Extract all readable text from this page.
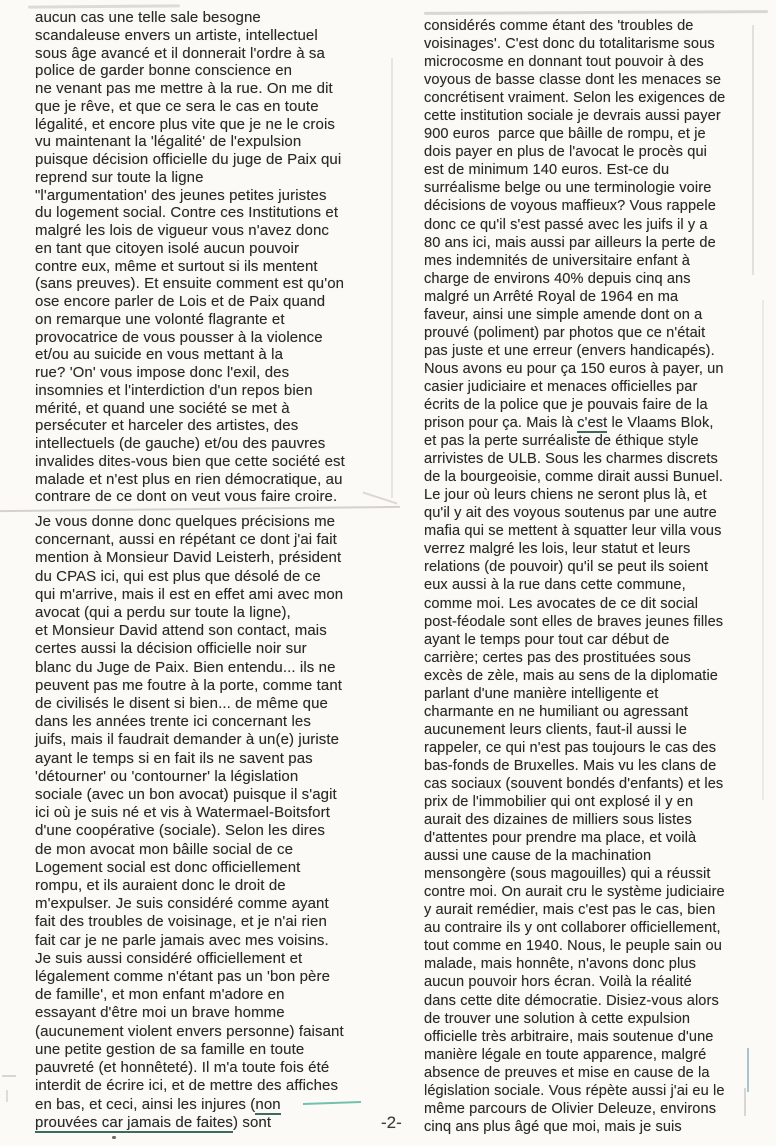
aucun cas une telle sale besogne
scandaleuse envers un artiste, intellectuel
sous âge avancé et il donnerait l'ordre à sa
police de garder bonne conscience en
ne venant pas me mettre à la rue. On me dit
que je rêve, et que ce sera le cas en toute
légalité, et encore plus vite que je ne le crois
vu maintenant la 'légalité' de l'expulsion
puisque décision officielle du juge de Paix qui
reprend sur toute la ligne
"l'argumentation' des jeunes petites juristes
du logement social. Contre ces Institutions et
malgré les lois de vigueur vous n'avez donc
en tant que citoyen isolé aucun pouvoir
contre eux, même et surtout si ils mentent
(sans preuves). Et ensuite comment est qu'on
ose encore parler de Lois et de Paix quand
on remarque une volonté flagrante et
provocatrice de vous pousser à la violence
et/ou au suicide en vous mettant à la
rue? 'On' vous impose donc l'exil, des
insomnies et l'interdiction d'un repos bien
mérité, et quand une société se met à
persécuter et harceler des artistes, des
intellectuels (de gauche) et/ou des pauvres
invalides dites-vous bien que cette société est
malade et n'est plus en rien démocratique, au
contrare de ce dont on veut vous faire croire.
Je vous donne donc quelques précisions me
concernant, aussi en répétant ce dont j'ai fait
mention à Monsieur David Leisterh, président
du CPAS ici, qui est plus que désolé de ce
qui m'arrive, mais il est en effet ami avec mon
avocat (qui a perdu sur toute la ligne),
et Monsieur David attend son contact, mais
certes aussi la décision officielle noir sur
blanc du Juge de Paix. Bien entendu... ils ne
peuvent pas me foutre à la porte, comme tant
de civilisés le disent si bien... de même que
dans les années trente ici concernant les
juifs, mais il faudrait demander à un(e) juriste
ayant le temps si en fait ils ne savent pas
'détourner' ou 'contourner' la législation
sociale (avec un bon avocat) puisque il s'agit
ici où je suis né et vis à Watermael-Boitsfort
d'une coopérative (sociale). Selon les dires
de mon avocat mon bâille social de ce
Logement social est donc officiellement
rompu, et ils auraient donc le droit de
m'expulser. Je suis considéré comme ayant
fait des troubles de voisinage, et je n'ai rien
fait car je ne parle jamais avec mes voisins.
Je suis aussi considéré officiellement et
légalement comme n'étant pas un 'bon père
de famille', et mon enfant m'adore en
essayant d'être moi un brave homme
(aucunement violent envers personne) faisant
une petite gestion de sa famille en toute
pauvreté (et honnêteté). Il m'a toute fois été
interdit de écrire ici, et de mettre des affiches
en bas, et ceci, ainsi les injures (non
prouvées car jamais de faites) sont
considérés comme étant des 'troubles de
voisinages'. C'est donc du totalitarisme sous
microcosme en donnant tout pouvoir à des
voyous de basse classe dont les menaces se
concrétisent vraiment. Selon les exigences de
cette institution sociale je devrais aussi payer
900 euros  parce que bâille de rompu, et je
dois payer en plus de l'avocat le procès qui
est de minimum 140 euros. Est-ce du
surréalisme belge ou une terminologie voire
décisions de voyous maffieux? Vous rappele
donc ce qu'il s'est passé avec les juifs il y a
80 ans ici, mais aussi par ailleurs la perte de
mes indemnités de universitaire enfant à
charge de environs 40% depuis cinq ans
malgré un Arrêté Royal de 1964 en ma
faveur, ainsi une simple amende dont on a
prouvé (poliment) par photos que ce n'était
pas juste et une erreur (envers handicapés).
Nous avons eu pour ça 150 euros à payer, un
casier judiciaire et menaces officielles par
écrits de la police que je pouvais faire de la
prison pour ça. Mais là c'est le Vlaams Blok,
et pas la perte surréaliste de éthique style
arrivistes de ULB. Sous les charmes discrets
de la bourgeoisie, comme dirait aussi Bunuel.
Le jour où leurs chiens ne seront plus là, et
qu'il y ait des voyous soutenus par une autre
mafia qui se mettent à squatter leur villa vous
verrez malgré les lois, leur statut et leurs
relations (de pouvoir) qu'il se peut ils soient
eux aussi à la rue dans cette commune,
comme moi. Les avocates de ce dit social
post-féodale sont elles de braves jeunes filles
ayant le temps pour tout car début de
carrière; certes pas des prostituées sous
excès de zèle, mais au sens de la diplomatie
parlant d'une manière intelligente et
charmante en ne humiliant ou agressant
aucunement leurs clients, faut-il aussi le
rappeler, ce qui n'est pas toujours le cas des
bas-fonds de Bruxelles. Mais vu les clans de
cas sociaux (souvent bondés d'enfants) et les
prix de l'immobilier qui ont explosé il y en
aurait des dizaines de milliers sous listes
d'attentes pour prendre ma place, et voilà
aussi une cause de la machination
mensongère (sous magouilles) qui a réussit
contre moi. On aurait cru le système judiciaire
y aurait remédier, mais c'est pas le cas, bien
au contraire ils y ont collaborer officiellement,
tout comme en 1940. Nous, le peuple sain ou
malade, mais honnête, n'avons donc plus
aucun pouvoir hors écran. Voilà la réalité
dans cette dite démocratie. Disiez-vous alors
de trouver une solution à cette expulsion
officielle très arbitraire, mais soutenue d'une
manière légale en toute apparence, malgré
absence de preuves et mise en cause de la
législation sociale. Vous répète aussi j'ai eu le
même parcours de Olivier Deleuze, environs
cinq ans plus âgé que moi, mais je suis
-2-
